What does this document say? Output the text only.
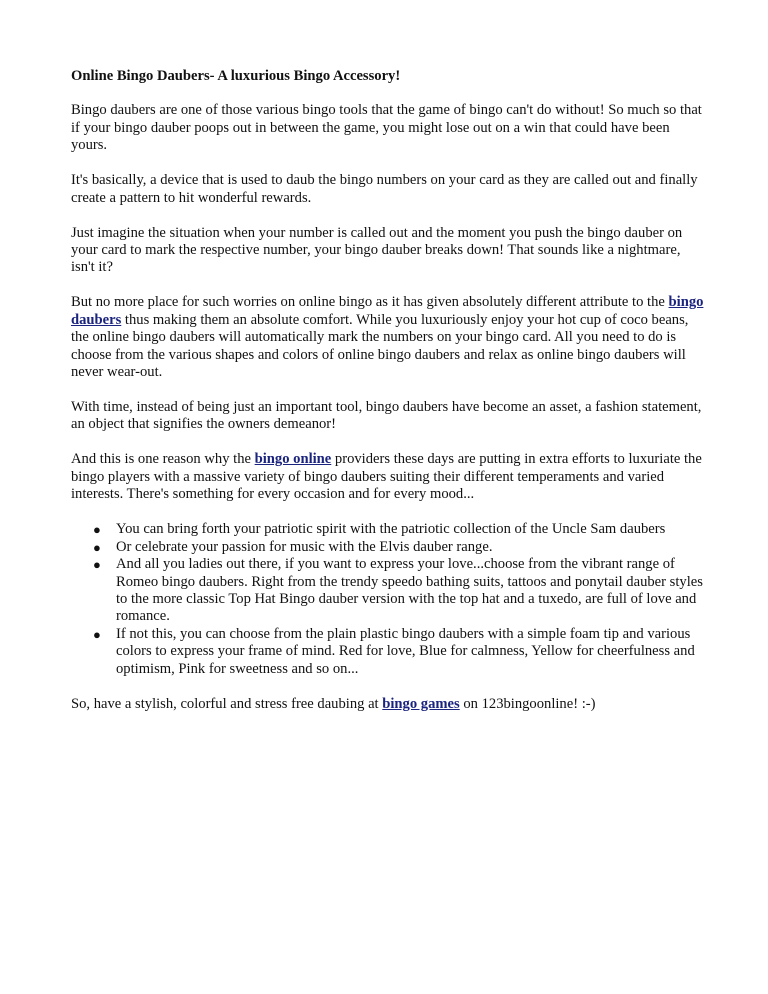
Online Bingo Daubers- A luxurious Bingo Accessory!

Bingo daubers are one of those various bingo tools that the game of bingo can't do without! So much so that if your bingo dauber poops out in between the game, you might lose out on a win that could have been yours.

It's basically, a device that is used to daub the bingo numbers on your card as they are called out and finally create a pattern to hit wonderful rewards.

Just imagine the situation when your number is called out and the moment you push the bingo dauber on your card to mark the respective number, your bingo dauber breaks down! That sounds like a nightmare, isn't it?

But no more place for such worries on online bingo as it has given absolutely different attribute to the bingo daubers thus making them an absolute comfort. While you luxuriously enjoy your hot cup of coco beans, the online bingo daubers will automatically mark the numbers on your bingo card. All you need to do is choose from the various shapes and colors of online bingo daubers and relax as online bingo daubers will never wear-out.

With time, instead of being just an important tool, bingo daubers have become an asset, a fashion statement, an object that signifies the owners demeanor!

And this is one reason why the bingo online providers these days are putting in extra efforts to luxuriate the bingo players with a massive variety of bingo daubers suiting their different temperaments and varied interests. There's something for every occasion and for every mood...

● You can bring forth your patriotic spirit with the patriotic collection of the Uncle Sam daubers
● Or celebrate your passion for music with the Elvis dauber range.
● And all you ladies out there, if you want to express your love...choose from the vibrant range of Romeo bingo daubers. Right from the trendy speedo bathing suits, tattoos and ponytail dauber styles to the more classic Top Hat Bingo dauber version with the top hat and a tuxedo, are full of love and romance.
● If not this, you can choose from the plain plastic bingo daubers with a simple foam tip and various colors to express your frame of mind. Red for love, Blue for calmness, Yellow for cheerfulness and optimism, Pink for sweetness and so on...

So, have a stylish, colorful and stress free daubing at bingo games on 123bingoonline! :-)
